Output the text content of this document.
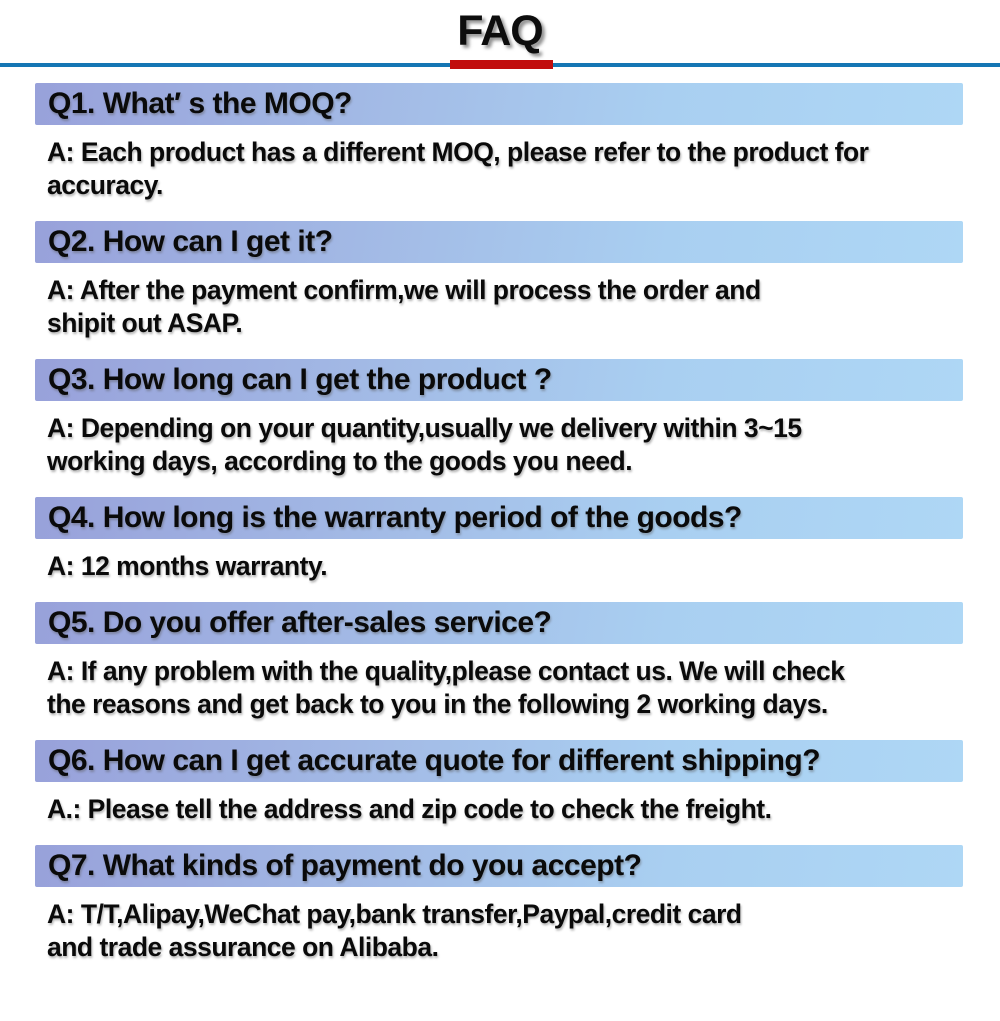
FAQ
Q1. What′ s the MOQ?
A: Each product has a different MOQ, please refer to the product for
accuracy.
Q2. How can I get it?
A: After the payment confirm,we will process the order and
shipit out ASAP.
Q3. How long can I get the product ?
A: Depending on your quantity,usually we delivery within 3~15
working days, according to the goods you need.
Q4. How long is the warranty period of the goods?
A: 12 months warranty.
Q5. Do you offer after-sales service?
A: If any problem with the quality,please contact us. We will check
the reasons and get back to you in the following 2 working days.
Q6. How can I get accurate quote for different shipping?
A.: Please tell the address and zip code to check the freight.
Q7. What kinds of payment do you accept?
A: T/T,Alipay,WeChat pay,bank transfer,Paypal,credit card
and trade assurance on Alibaba.
